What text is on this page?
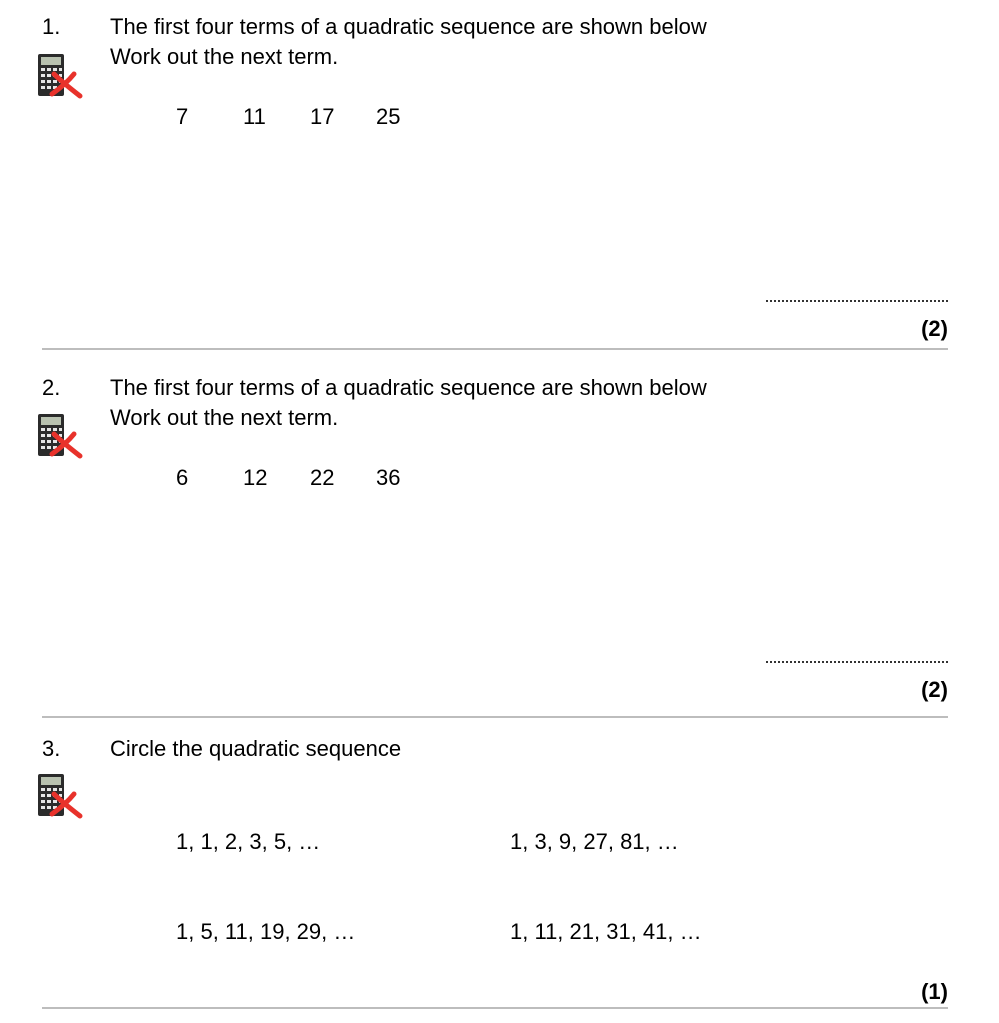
1. The first four terms of a quadratic sequence are shown below
Work out the next term.
7 11 17 25
(2)
2. The first four terms of a quadratic sequence are shown below
Work out the next term.
6 12 22 36
(2)
3. Circle the quadratic sequence
1, 1, 2, 3, 5, …	1, 3, 9, 27, 81, …
1, 5, 11, 19, 29, …	1, 11, 21, 31, 41, …
(1)
